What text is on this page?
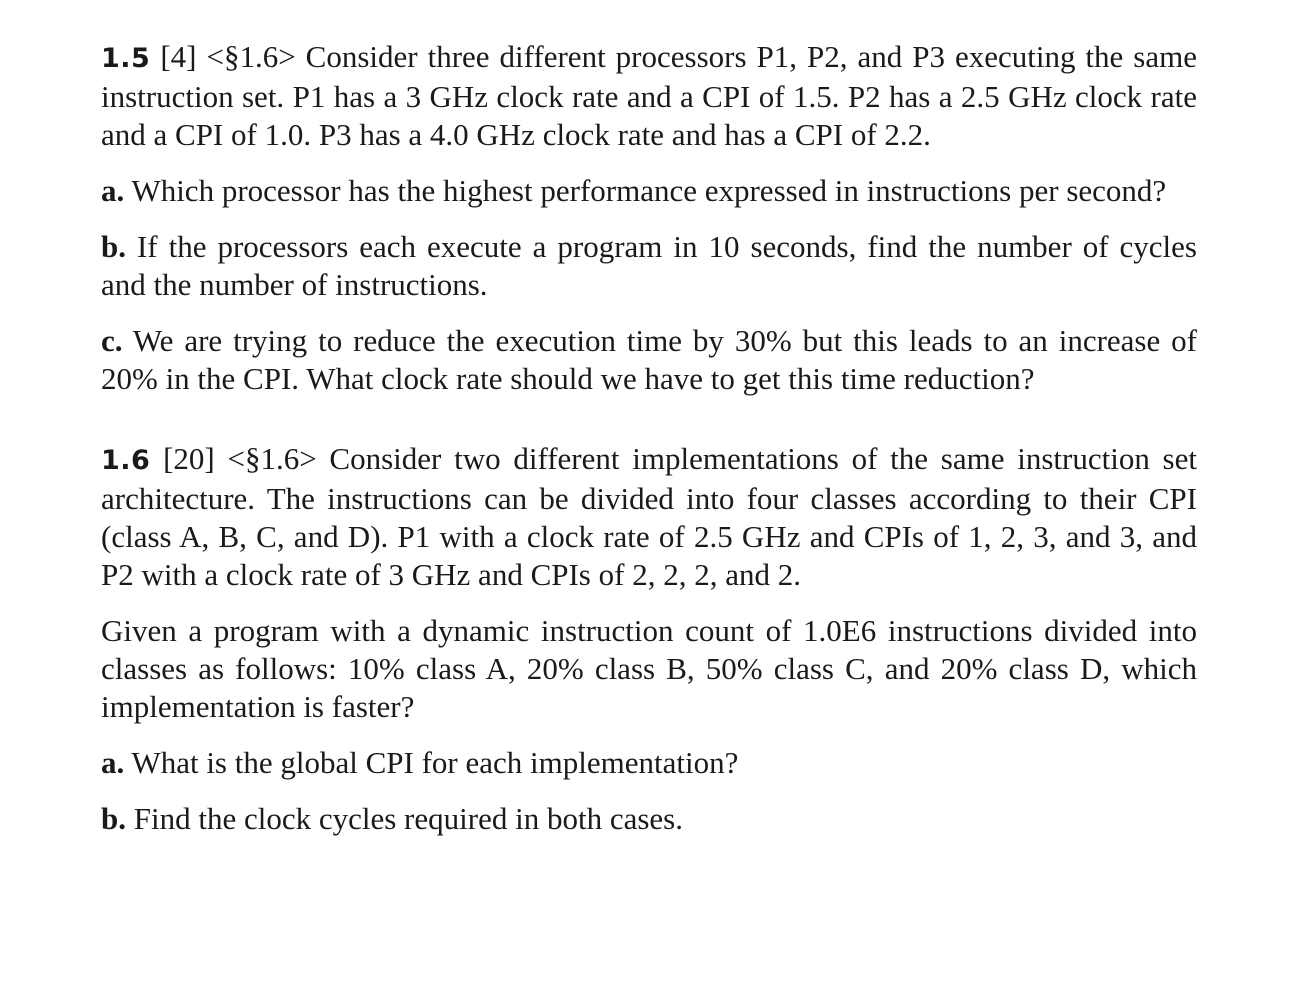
1.5 [4] <§1.6> Consider three different processors P1, P2, and P3 executing the same instruction set. P1 has a 3 GHz clock rate and a CPI of 1.5. P2 has a 2.5 GHz clock rate and a CPI of 1.0. P3 has a 4.0 GHz clock rate and has a CPI of 2.2.

a. Which processor has the highest performance expressed in instructions per second?

b. If the processors each execute a program in 10 seconds, find the number of cycles and the number of instructions.

c. We are trying to reduce the execution time by 30% but this leads to an increase of 20% in the CPI. What clock rate should we have to get this time reduction?

1.6 [20] <§1.6> Consider two different implementations of the same instruction set architecture. The instructions can be divided into four classes according to their CPI (class A, B, C, and D). P1 with a clock rate of 2.5 GHz and CPIs of 1, 2, 3, and 3, and P2 with a clock rate of 3 GHz and CPIs of 2, 2, 2, and 2.

Given a program with a dynamic instruction count of 1.0E6 instructions divided into classes as follows: 10% class A, 20% class B, 50% class C, and 20% class D, which implementation is faster?

a. What is the global CPI for each implementation?

b. Find the clock cycles required in both cases.
